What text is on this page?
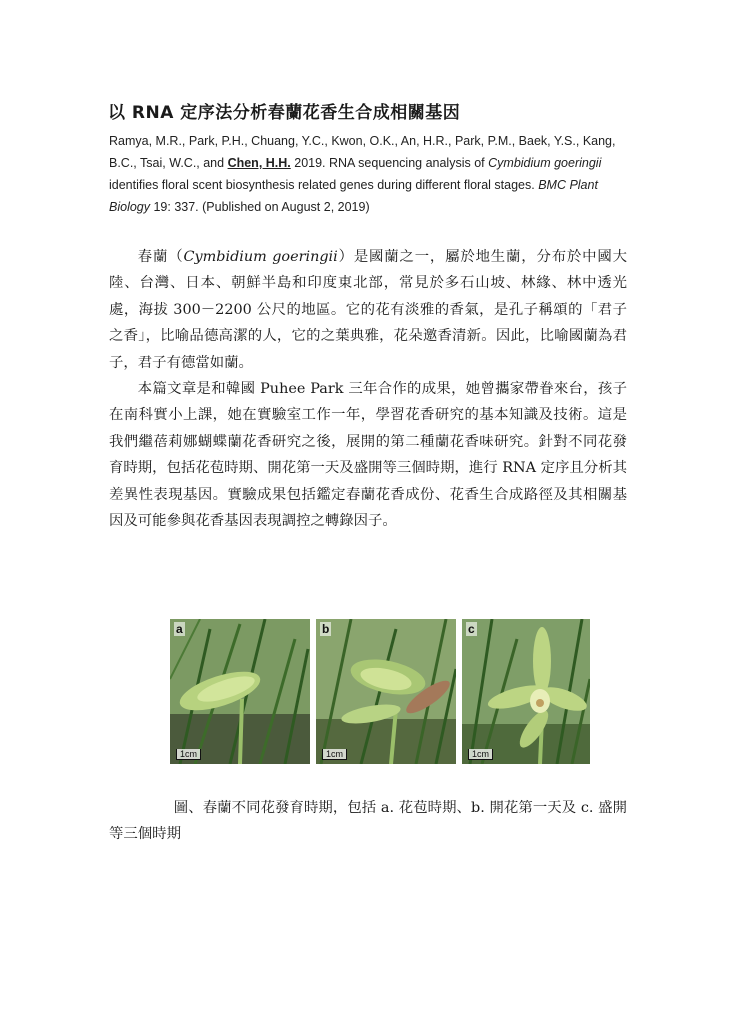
以 RNA 定序法分析春蘭花香生合成相關基因
Ramya, M.R., Park, P.H., Chuang, Y.C., Kwon, O.K., An, H.R., Park, P.M., Baek, Y.S., Kang, B.C., Tsai, W.C., and Chen, H.H. 2019. RNA sequencing analysis of Cymbidium goeringii identifies floral scent biosynthesis related genes during different floral stages. BMC Plant Biology 19: 337. (Published on August 2, 2019)

春蘭（Cymbidium goeringii）是國蘭之一，屬於地生蘭，分布於中國大陸、台灣、日本、朝鮮半島和印度東北部，常見於多石山坡、林緣、林中透光處，海拔 300－2200 公尺的地區。它的花有淡雅的香氣，是孔子稱頌的「君子之香」，比喻品德高潔的人，它的之葉典雅，花朵邀香清新。因此，比喻國蘭為君子，君子有德當如蘭。

本篇文章是和韓國 Puhee Park 三年合作的成果，她曾攜家帶眷來台，孩子在南科實小上課，她在實驗室工作一年，學習花香研究的基本知識及技術。這是我們繼蓓莉娜蝴蝶蘭花香研究之後，展開的第二種蘭花香味研究。針對不同花發育時期，包括花苞時期、開花第一天及盛開等三個時期，進行 RNA 定序且分析其差異性表現基因。實驗成果包括鑑定春蘭花香成份、花香生合成路徑及其相關基因及可能參與花香基因表現調控之轉錄因子。

a
1cm
b
1cm
c
1cm

圖、春蘭不同花發育時期，包括 a. 花苞時期、b. 開花第一天及 c. 盛開等三個時期
